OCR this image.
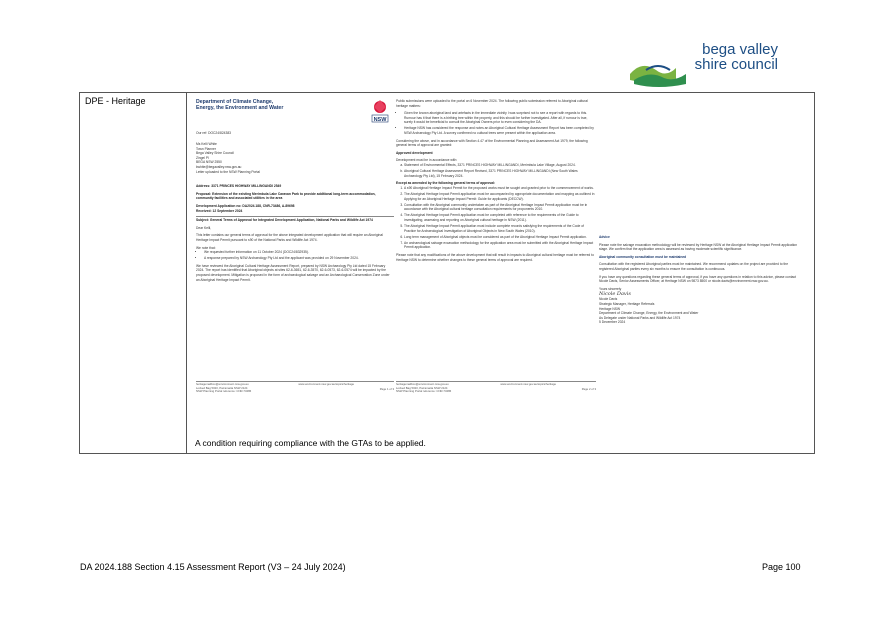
bega valley
shire council
DPE - Heritage
NSW
Department of Climate Change,
Energy, the Environment and Water
Our ref: DOC24/824383
Ms Kelli White
Town Planner
Bega Valley Shire Council
Zingel Pl
BEGA NSW 2550
kwhite@begavalley.nsw.gov.au
Letter uploaded to the NSW Planning Portal
Address: 3371 PRINCES HIGHWAY MILLINGANDI 2549
Proposal: Extension of the existing Merimbula Lake Caravan Park to provide additional long-term accommodation, community facilities and associated utilities in the area
Development Application no: DA2024.188, CNR-73486, A-89698
Received: 12 September 2024
Subject: General Terms of Approval for Integrated Development Application, National Parks and Wildlife Act 1974
Dear Kelli,
This letter contains our general terms of approval for the above integrated development application that will require an Aboriginal Heritage Impact Permit pursuant to s90 of the National Parks and Wildlife Act 1974.
We note that:
• We requested further information on 11 October 2024 (DOC24/832935).
• A response prepared by NSW Archaeology Pty Ltd and the applicant was provided on 29 November 2024.
We have reviewed the Aboriginal Cultural Heritage Assessment Report, prepared by NSW Archaeology Pty Ltd dated 15 February 2024. The report has identified that Aboriginal objects at sites 62-6-3651, 62-6-3570, 62-6-0573, 62-6-0574 will be impacted by the proposed development. Mitigation is proposed in the form of archaeological salvage and an Archaeological Conservation Zone under an Aboriginal Heritage Impact Permit.
heritagemailbox@environment.nsw.gov.au
Locked Bag 5020, Parramatta NSW 2124
NSW Planning Portal reference: CNR-73486
www.environment.nsw.gov.au/topics/heritage
Page 1 of 3
Public submissions were uploaded to the portal on 6 November 2024. The following public submission referred to Aboriginal cultural heritage matters:
• Given the known aboriginal land and artefacts in the immediate vicinity I was surprised not to see a report with regards to this. Rumour has it that there is a birthing tree within the property, and this should be further investigated. After all, if rumour is true, surely it would be beneficial to consult the Aboriginal Owners prior to even considering the DA.
• Heritage NSW has considered the response and notes an Aboriginal Cultural Heritage Assessment Report has been completed by NSW Archaeology Pty Ltd. A survey confirmed no cultural trees were present within the application area.
Considering the above, and in accordance with Section 4.47 of the Environmental Planning and Assessment Act 1979, the following general terms of approval are granted:
Approved development
Development must be in accordance with:
a. Statement of Environmental Effects, 3371 PRINCES HIGHWAY MILLINGANDI, Merimbula Lake Village, August 2024.
b. Aboriginal Cultural Heritage Assessment Report Revised, 3371 PRINCES HIGHWAY MILLINGANDI (New South Wales Archaeology Pty Ltd), 15 February 2024.
Except as amended by the following general terms of approval:
1. A s90 Aboriginal Heritage Impact Permit for the proposed works must be sought and granted prior to the commencement of works.
2. The Aboriginal Heritage Impact Permit application must be accompanied by appropriate documentation and mapping as outlined in Applying for an Aboriginal Heritage Impact Permit: Guide for applicants (DECCW).
3. Consultation with the Aboriginal community undertaken as part of the Aboriginal Heritage Impact Permit application must be in accordance with the Aboriginal cultural heritage consultation requirements for proponents 2010.
4. The Aboriginal Heritage Impact Permit application must be completed with reference to the requirements of the Guide to investigating, assessing and reporting on Aboriginal cultural heritage in NSW (2011).
5. The Aboriginal Heritage Impact Permit application must include complete records satisfying the requirements of the Code of Practice for Archaeological Investigation of Aboriginal Objects in New South Wales (2010).
6. Long term management of Aboriginal objects must be considered as part of the Aboriginal Heritage Impact Permit application.
7. An archaeological salvage excavation methodology for the application area must be submitted with the Aboriginal Heritage Impact Permit application.
Please note that any modifications of the above development that will result in impacts to Aboriginal cultural heritage must be referred to Heritage NSW to determine whether changes to these general terms of approval are required.
heritagemailbox@environment.nsw.gov.au
Locked Bag 5020, Parramatta NSW 2124
NSW Planning Portal reference: CNR-73486
www.environment.nsw.gov.au/topics/heritage
Page 2 of 3
Advice
Please note the salvage excavation methodology will be reviewed by Heritage NSW at the Aboriginal Heritage Impact Permit application stage. We confirm that the application area is assessed as having moderate scientific significance.
Aboriginal community consultation must be maintained
Consultation with the registered Aboriginal parties must be maintained. We recommend updates on the project are provided to the registered Aboriginal parties every six months to ensure the consultation is continuous.
If you have any questions regarding these general terms of approval, if you have any questions in relation to this advice, please contact Nicole Davis, Senior Assessments Officer, at Heritage NSW on 9873 8500 or nicole.davis@environment.nsw.gov.au.
Yours sincerely
Nicole Davis
Nicole Davis
Strategic Manager, Heritage Referrals
Heritage NSW
Department of Climate Change, Energy, the Environment and Water
As Delegate under National Parks and Wildlife Act 1974
5 December 2024
A condition requiring compliance with the GTAs to be applied.
DA 2024.188 Section 4.15 Assessment Report (V3 – 24 July 2024)	Page 100
